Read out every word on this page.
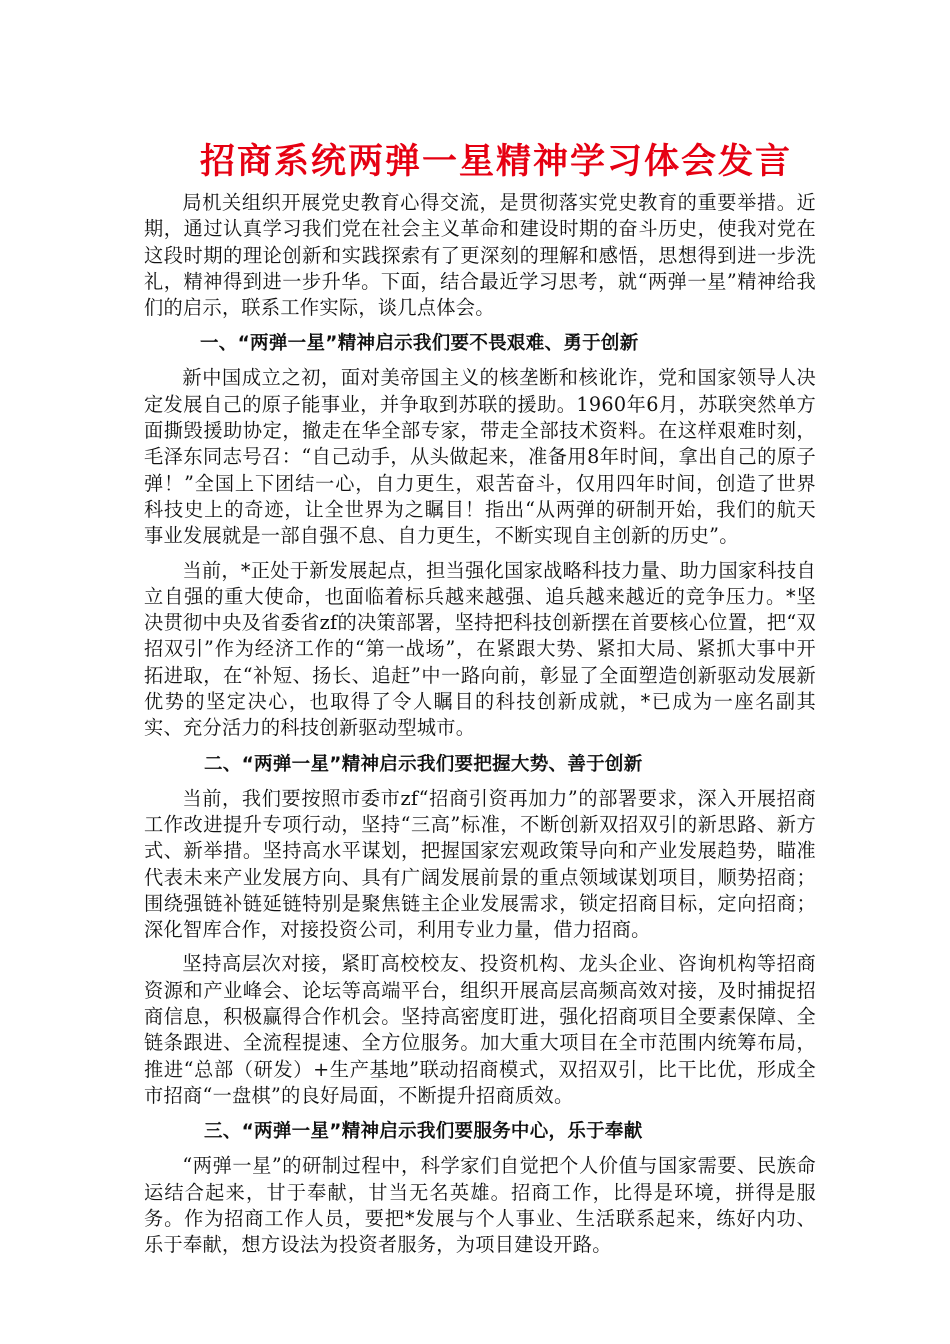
招商系统两弹一星精神学习体会发言

局机关组织开展党史教育心得交流，是贯彻落实党史教育的重要举措。近期，通过认真学习我们党在社会主义革命和建设时期的奋斗历史，使我对党在这段时期的理论创新和实践探索有了更深刻的理解和感悟，思想得到进一步洗礼，精神得到进一步升华。下面，结合最近学习思考，就“两弹一星”精神给我们的启示，联系工作实际，谈几点体会。

一、“两弹一星”精神启示我们要不畏艰难、勇于创新

新中国成立之初，面对美帝国主义的核垄断和核讹诈，党和国家领导人决定发展自己的原子能事业，并争取到苏联的援助。1960年6月，苏联突然单方面撕毁援助协定，撤走在华全部专家，带走全部技术资料。在这样艰难时刻，毛泽东同志号召：“自己动手，从头做起来，准备用8年时间，拿出自己的原子弹！”全国上下团结一心，自力更生，艰苦奋斗，仅用四年时间，创造了世界科技史上的奇迹，让全世界为之瞩目！指出“从两弹的研制开始，我们的航天事业发展就是一部自强不息、自力更生，不断实现自主创新的历史”。

当前，*正处于新发展起点，担当强化国家战略科技力量、助力国家科技自立自强的重大使命，也面临着标兵越来越强、追兵越来越近的竞争压力。*坚决贯彻中央及省委省zf的决策部署，坚持把科技创新摆在首要核心位置，把“双招双引”作为经济工作的“第一战场”，在紧跟大势、紧扣大局、紧抓大事中开拓进取，在“补短、扬长、追赶”中一路向前，彰显了全面塑造创新驱动发展新优势的坚定决心，也取得了令人瞩目的科技创新成就，*已成为一座名副其实、充分活力的科技创新驱动型城市。

二、“两弹一星”精神启示我们要把握大势、善于创新

当前，我们要按照市委市zf“招商引资再加力”的部署要求，深入开展招商工作改进提升专项行动，坚持“三高”标准，不断创新双招双引的新思路、新方式、新举措。坚持高水平谋划，把握国家宏观政策导向和产业发展趋势，瞄准代表未来产业发展方向、具有广阔发展前景的重点领域谋划项目，顺势招商；围绕强链补链延链特别是聚焦链主企业发展需求，锁定招商目标，定向招商；深化智库合作，对接投资公司，利用专业力量，借力招商。

坚持高层次对接，紧盯高校校友、投资机构、龙头企业、咨询机构等招商资源和产业峰会、论坛等高端平台，组织开展高层高频高效对接，及时捕捉招商信息，积极赢得合作机会。坚持高密度盯进，强化招商项目全要素保障、全链条跟进、全流程提速、全方位服务。加大重大项目在全市范围内统筹布局，推进“总部（研发）+生产基地”联动招商模式，双招双引，比干比优，形成全市招商“一盘棋”的良好局面，不断提升招商质效。

三、“两弹一星”精神启示我们要服务中心，乐于奉献

“两弹一星”的研制过程中，科学家们自觉把个人价值与国家需要、民族命运结合起来，甘于奉献，甘当无名英雄。招商工作，比得是环境，拼得是服务。作为招商工作人员，要把*发展与个人事业、生活联系起来，练好内功、乐于奉献，想方设法为投资者服务，为项目建设开路。
